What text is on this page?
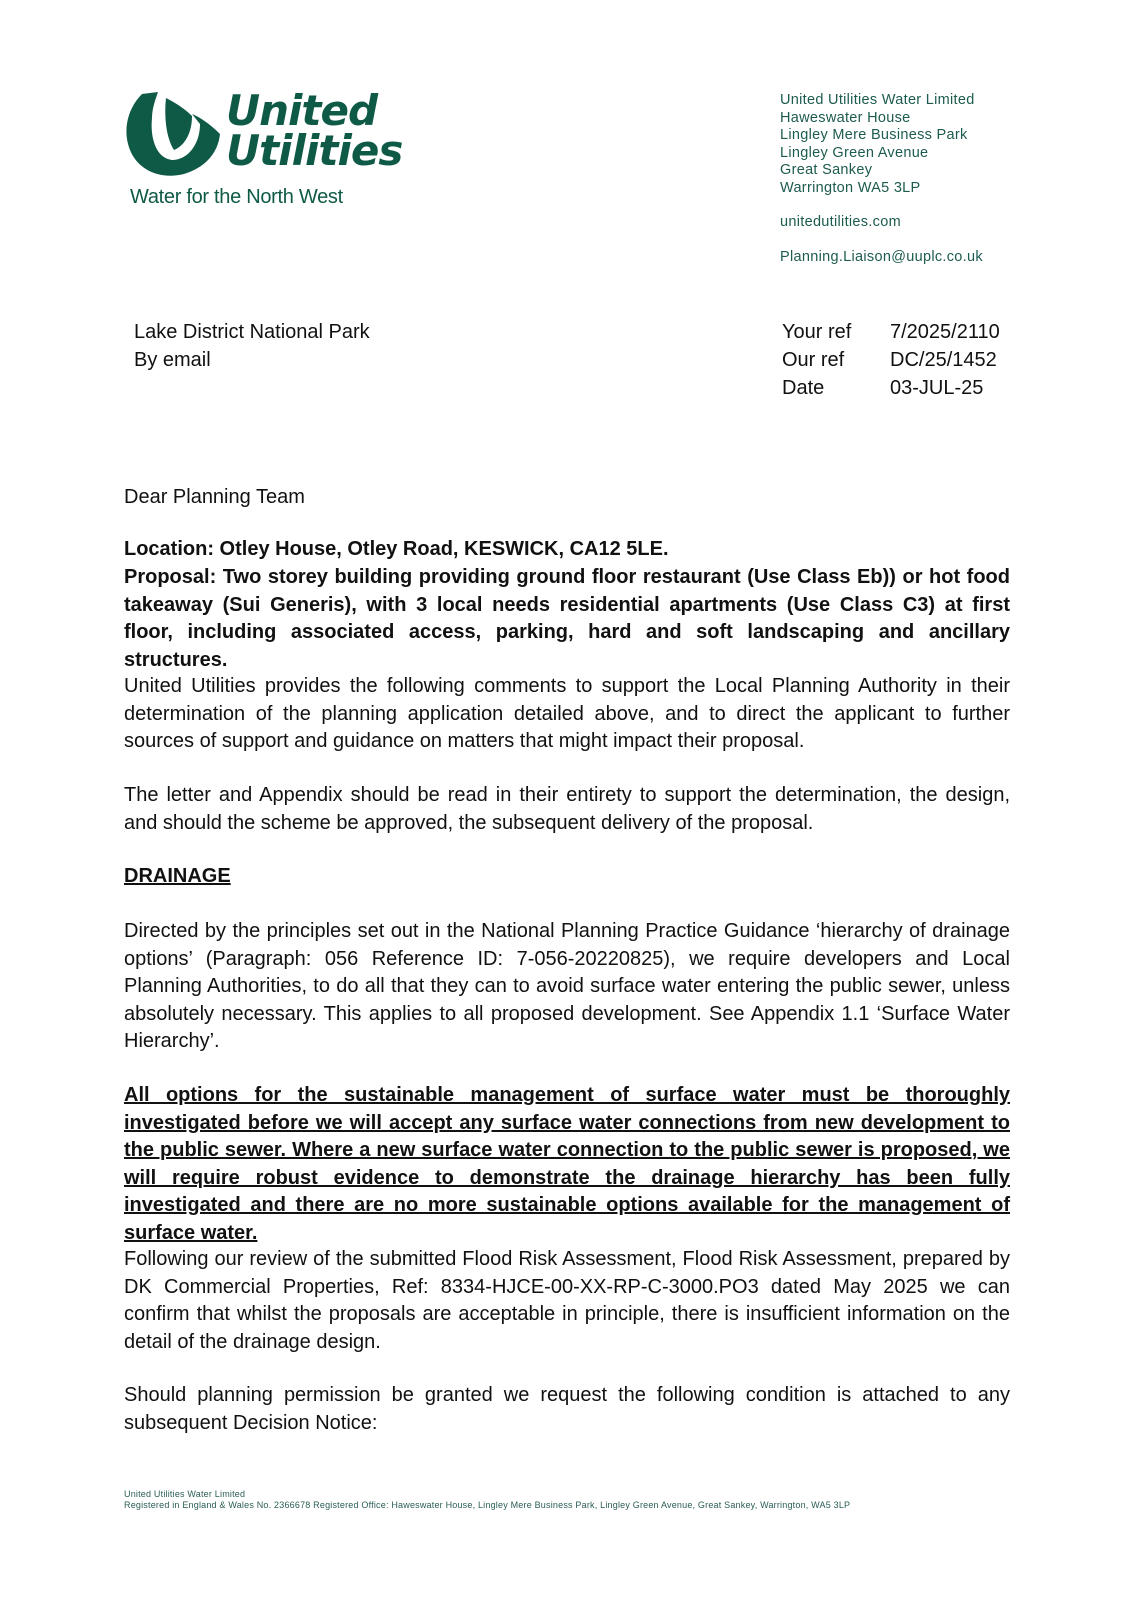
United
Utilities
Water for the North West
United Utilities Water Limited
Haweswater House
Lingley Mere Business Park
Lingley Green Avenue
Great Sankey
Warrington WA5 3LP
unitedutilities.com
Planning.Liaison@uuplc.co.uk
Lake District National Park
By email
Your ref	7/2025/2110
Our ref	DC/25/1452
Date	03-JUL-25
Dear Planning Team
Location: Otley House, Otley Road, KESWICK, CA12 5LE.
Proposal: Two storey building providing ground floor restaurant (Use Class Eb)) or hot food takeaway (Sui Generis), with 3 local needs residential apartments (Use Class C3) at first floor, including associated access, parking, hard and soft landscaping and ancillary structures.
United Utilities provides the following comments to support the Local Planning Authority in their determination of the planning application detailed above, and to direct the applicant to further sources of support and guidance on matters that might impact their proposal.
The letter and Appendix should be read in their entirety to support the determination, the design, and should the scheme be approved, the subsequent delivery of the proposal.
DRAINAGE
Directed by the principles set out in the National Planning Practice Guidance ‘hierarchy of drainage options’ (Paragraph: 056 Reference ID: 7-056-20220825), we require developers and Local Planning Authorities, to do all that they can to avoid surface water entering the public sewer, unless absolutely necessary. This applies to all proposed development. See Appendix 1.1 ‘Surface Water Hierarchy’.
All options for the sustainable management of surface water must be thoroughly investigated before we will accept any surface water connections from new development to the public sewer. Where a new surface water connection to the public sewer is proposed, we will require robust evidence to demonstrate the drainage hierarchy has been fully investigated and there are no more sustainable options available for the management of surface water.
Following our review of the submitted Flood Risk Assessment, Flood Risk Assessment, prepared by DK Commercial Properties, Ref: 8334-HJCE-00-XX-RP-C-3000.PO3 dated May 2025 we can confirm that whilst the proposals are acceptable in principle, there is insufficient information on the detail of the drainage design.
Should planning permission be granted we request the following condition is attached to any subsequent Decision Notice:
United Utilities Water Limited
Registered in England & Wales No. 2366678 Registered Office: Haweswater House, Lingley Mere Business Park, Lingley Green Avenue, Great Sankey, Warrington, WA5 3LP
